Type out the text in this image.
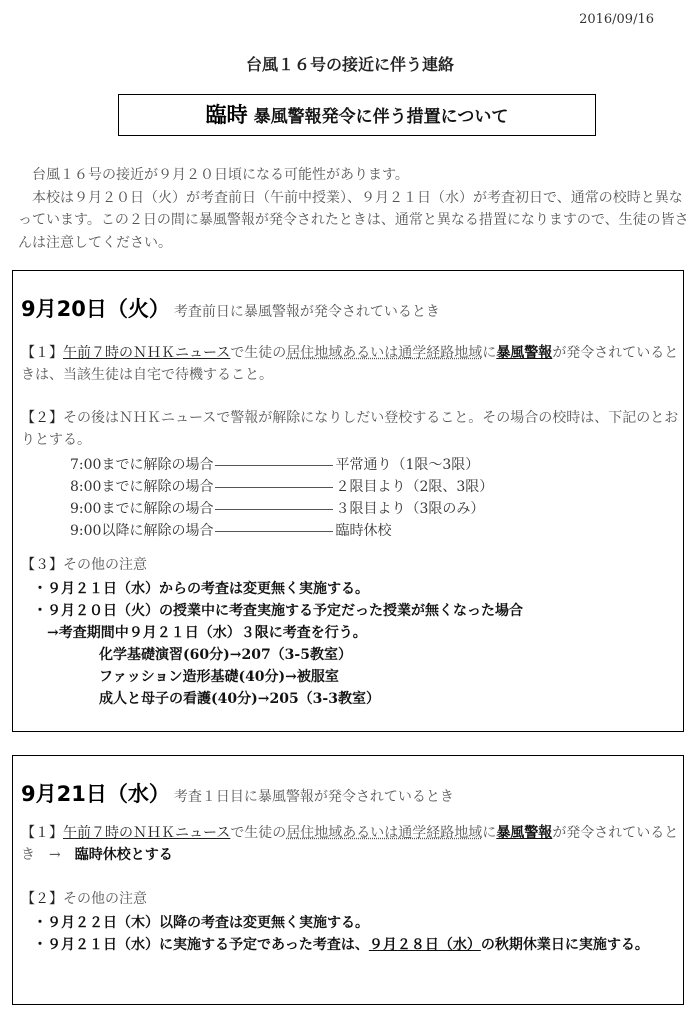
2016/09/16
台風１６号の接近に伴う連絡
臨時 暴風警報発令に伴う措置について

台風１６号の接近が９月２０日頃になる可能性があります。

本校は９月２０日（火）が考査前日（午前中授業）、９月２１日（水）が考査初日で、通常の校時と異なっています。この２日の間に暴風警報が発令されたときは、通常と異なる措置になりますので、生徒の皆さんは注意してください。

9月20日（火） 考査前日に暴風警報が発令されているとき

【１】午前７時のＮＨＫニュースで生徒の居住地域あるいは通学経路地域に暴風警報が発令されているときは、当該生徒は自宅で待機すること。

【２】その後はＮＨＫニュースで警報が解除になりしだい登校すること。その場合の校時は、下記のとおりとする。

7:00までに解除の場合	平常通り（1限～3限）
8:00までに解除の場合	２限目より（2限、3限）
9:00までに解除の場合	３限目より（3限のみ）
9:00以降に解除の場合	臨時休校

【３】その他の注意

・９月２１日（水）からの考査は変更無く実施する。
・９月２０日（火）の授業中に考査実施する予定だった授業が無くなった場合
→考査期間中９月２１日（水）３限に考査を行う。
化学基礎演習(60分)→207（3-5教室）
ファッション造形基礎(40分)→被服室
成人と母子の看護(40分)→205（3-3教室）
9月21日（水） 考査１日目に暴風警報が発令されているとき

【１】午前７時のＮＨＫニュースで生徒の居住地域あるいは通学経路地域に暴風警報が発令されているとき　→　臨時休校とする

【２】その他の注意

・９月２２日（木）以降の考査は変更無く実施する。
・９月２１日（水）に実施する予定であった考査は、９月２８日（水）の秋期休業日に実施する。
